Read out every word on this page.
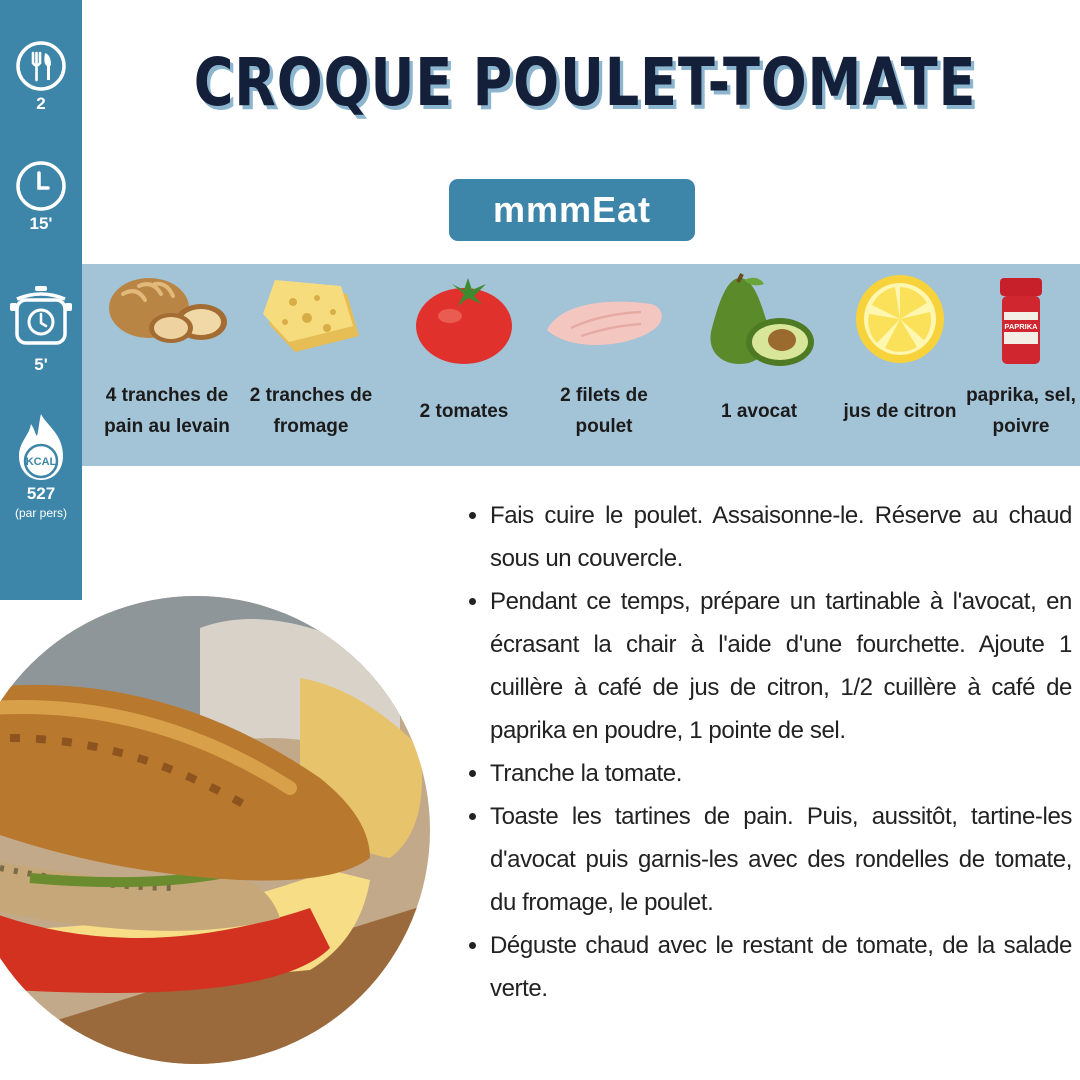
2
15'
5'
KCAL
527
(par pers)
CROQUE POULET-TOMATE
mmmEat
4 tranches de pain au levain
2 tranches de fromage
2 tomates
2 filets de poulet
1 avocat	jus de citron
PAPRIKA
paprika, sel, poivre
• Fais cuire le poulet. Assaisonne-le. Réserve au chaud sous un couvercle.
• Pendant ce temps, prépare un tartinable à l'avocat, en écrasant la chair à l'aide d'une fourchette. Ajoute 1 cuillère à café de jus de citron, 1/2 cuillère à café de paprika en poudre, 1 pointe de sel.
• Tranche la tomate.
• Toaste les tartines de pain. Puis, aussitôt, tartine-les d'avocat puis garnis-les avec des rondelles de tomate, du fromage, le poulet.
• Déguste chaud avec le restant de tomate, de la salade verte.
